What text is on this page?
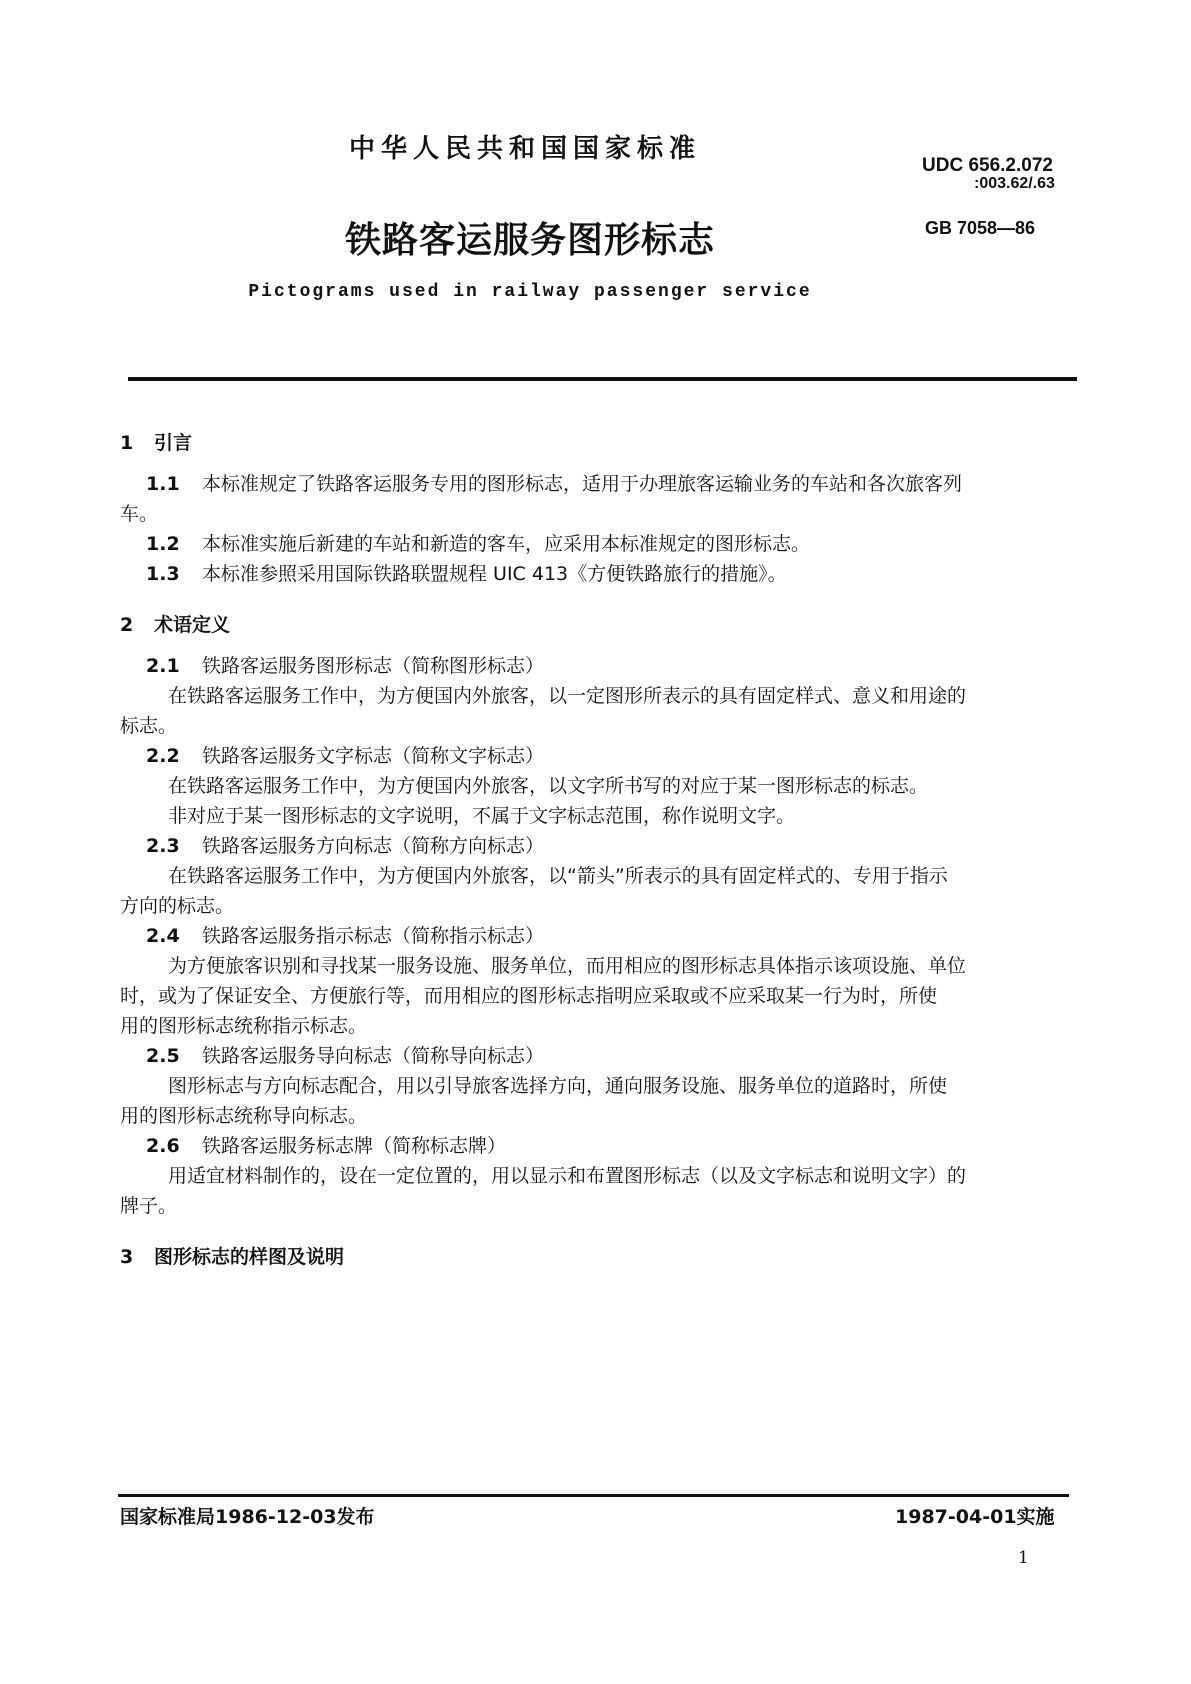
中华人民共和国国家标准
UDC 656.2.072
:003.62/.63
GB 7058—86
铁路客运服务图形标志
Pictograms used in railway passenger service
1 引言
1.1 本标准规定了铁路客运服务专用的图形标志，适用于办理旅客运输业务的车站和各次旅客列
车。
1.2 本标准实施后新建的车站和新造的客车，应采用本标准规定的图形标志。
1.3 本标准参照采用国际铁路联盟规程 UIC 413《方便铁路旅行的措施》。
2 术语定义
2.1 铁路客运服务图形标志（简称图形标志）
在铁路客运服务工作中，为方便国内外旅客，以一定图形所表示的具有固定样式、意义和用途的
标志。
2.2 铁路客运服务文字标志（简称文字标志）
在铁路客运服务工作中，为方便国内外旅客，以文字所书写的对应于某一图形标志的标志。
非对应于某一图形标志的文字说明，不属于文字标志范围，称作说明文字。
2.3 铁路客运服务方向标志（简称方向标志）
在铁路客运服务工作中，为方便国内外旅客，以“箭头”所表示的具有固定样式的、专用于指示
方向的标志。
2.4 铁路客运服务指示标志（简称指示标志）
为方便旅客识别和寻找某一服务设施、服务单位，而用相应的图形标志具体指示该项设施、单位
时，或为了保证安全、方便旅行等，而用相应的图形标志指明应采取或不应采取某一行为时，所使
用的图形标志统称指示标志。
2.5 铁路客运服务导向标志（简称导向标志）
图形标志与方向标志配合，用以引导旅客选择方向，通向服务设施、服务单位的道路时，所使
用的图形标志统称导向标志。
2.6 铁路客运服务标志牌（简称标志牌）
用适宜材料制作的，设在一定位置的，用以显示和布置图形标志（以及文字标志和说明文字）的
牌子。
3 图形标志的样图及说明
国家标准局1986-12-03发布	1987-04-01实施
1
